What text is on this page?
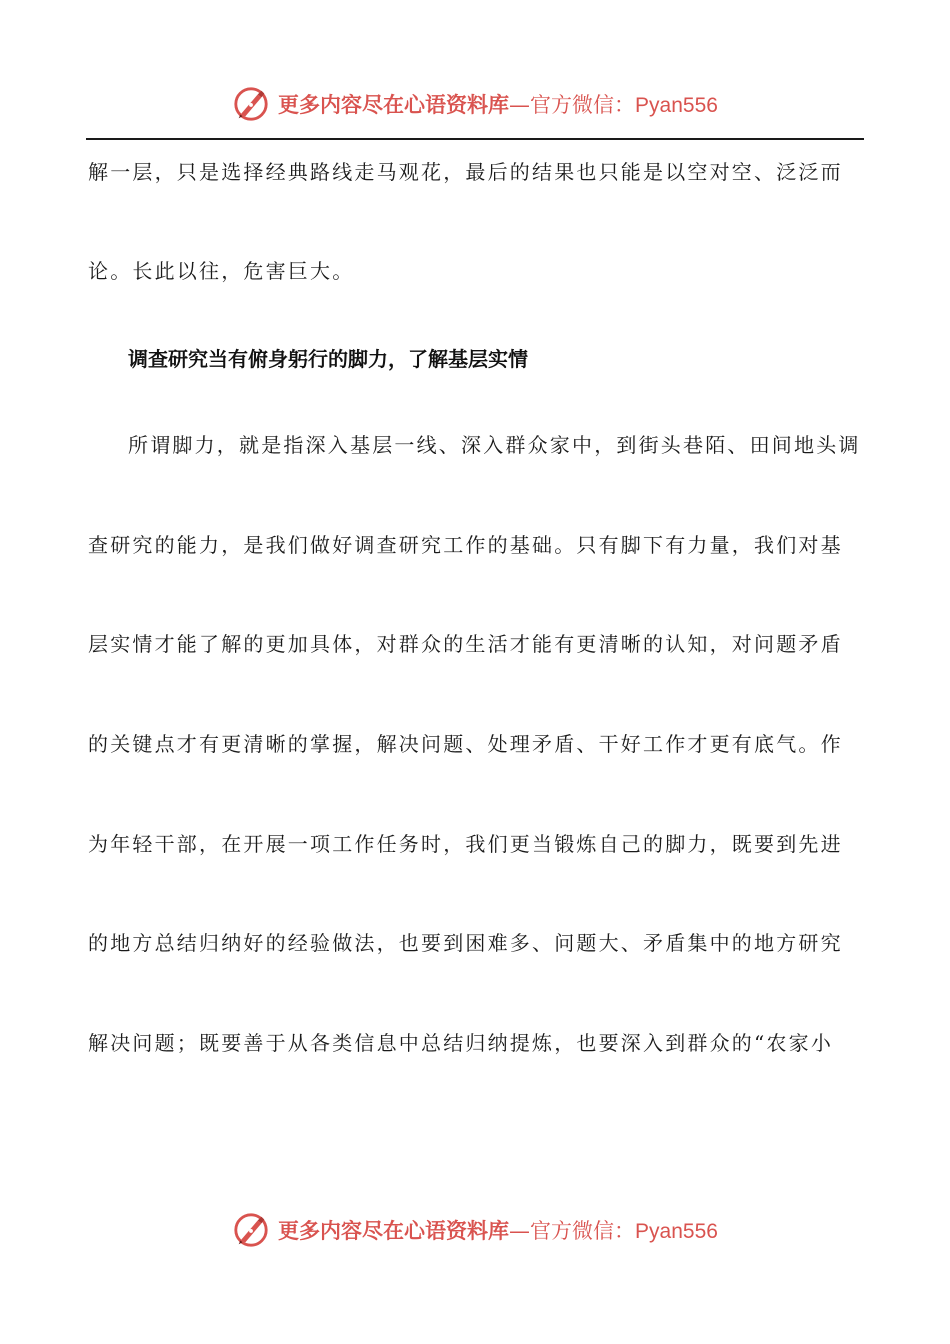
更多内容尽在心语资料库—官方微信：Pyan556
解一层，只是选择经典路线走马观花，最后的结果也只能是以空对空、泛泛而
论。长此以往，危害巨大。
调查研究当有俯身躬行的脚力，了解基层实情
所谓脚力，就是指深入基层一线、深入群众家中，到街头巷陌、田间地头调
查研究的能力，是我们做好调查研究工作的基础。只有脚下有力量，我们对基
层实情才能了解的更加具体，对群众的生活才能有更清晰的认知，对问题矛盾
的关键点才有更清晰的掌握，解决问题、处理矛盾、干好工作才更有底气。作
为年轻干部，在开展一项工作任务时，我们更当锻炼自己的脚力，既要到先进
的地方总结归纳好的经验做法，也要到困难多、问题大、矛盾集中的地方研究
解决问题；既要善于从各类信息中总结归纳提炼，也要深入到群众的“农家小
更多内容尽在心语资料库—官方微信：Pyan556
